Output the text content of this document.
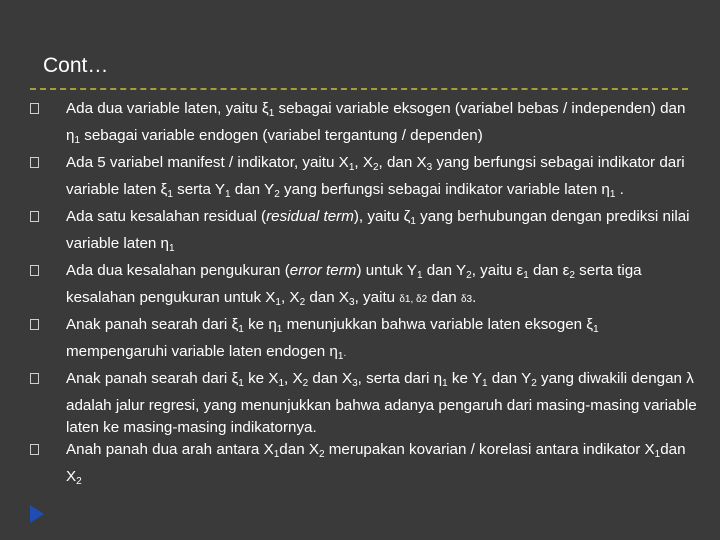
Cont…
Ada dua variable laten, yaitu $\xi_1$ sebagai variable eksogen (variabel bebas / independen) dan $\eta_1$ sebagai variable endogen (variabel tergantung / dependen)
Ada 5 variabel manifest / indikator, yaitu $X_1$, $X_2$, dan $X_3$ yang berfungsi sebagai indikator dari variable laten $\xi_1$ serta $Y_1$ dan $Y_2$ yang berfungsi sebagai indikator variable laten $\eta_1$ .
Ada satu kesalahan residual (residual term), yaitu $\zeta_1$ yang berhubungan dengan prediksi nilai variable laten $\eta_1$
Ada dua kesalahan pengukuran (error term) untuk $Y_1$ dan $Y_2$, yaitu $\varepsilon_1$ dan $\varepsilon_2$ serta tiga kesalahan pengukuran untuk $X_1$, $X_2$ dan $X_3$, yaitu δ1, δ2 dan δ3.
Anak panah searah dari $\xi_1$ ke $\eta_1$ menunjukkan bahwa variable laten eksogen $\xi_1$ mempengaruhi variable laten endogen $\eta_1$.
Anak panah searah dari $\xi_1$ ke $X_1$, $X_2$ dan $X_3$, serta dari $\eta_1$ ke $Y_1$ dan $Y_2$ yang diwakili dengan λ adalah jalur regresi, yang menunjukkan bahwa adanya pengaruh dari masing-masing variable laten ke masing-masing indikatornya.
Anah panah dua arah antara $X_1dan$ $X_2$ merupakan kovarian / korelasi antara indikator $X_1dan$ $X_2$
